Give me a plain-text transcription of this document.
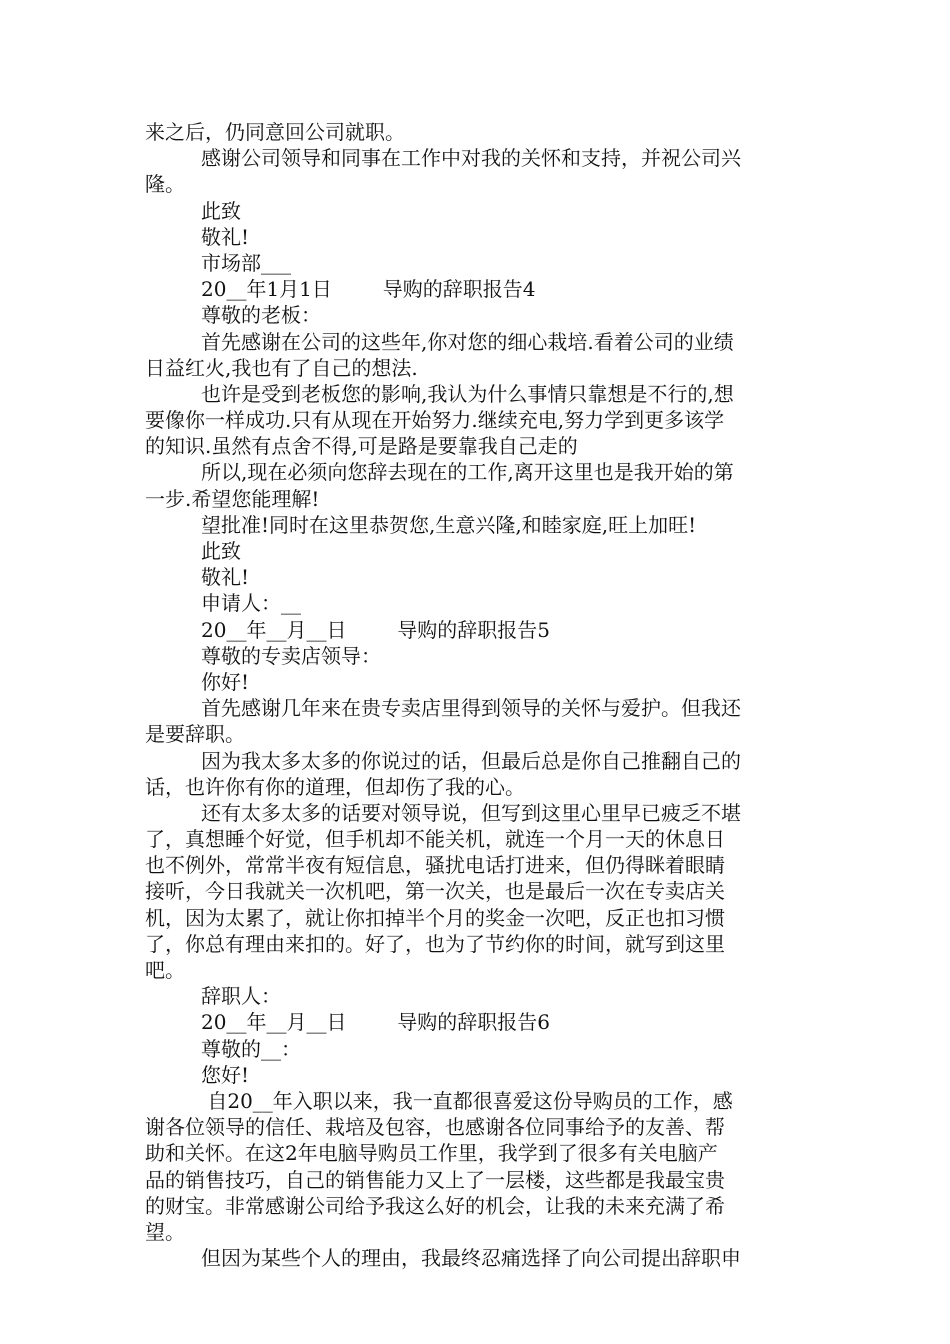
来之后，仍同意回公司就职。
感谢公司领导和同事在工作中对我的关怀和支持，并祝公司兴
隆。
此致
敬礼!
市场部___
20__年1月1日        导购的辞职报告4
尊敬的老板：
首先感谢在公司的这些年,你对您的细心栽培.看着公司的业绩
日益红火,我也有了自己的想法.
也许是受到老板您的影响,我认为什么事情只靠想是不行的,想
要像你一样成功.只有从现在开始努力.继续充电,努力学到更多该学
的知识.虽然有点舍不得,可是路是要靠我自己走的
所以,现在必须向您辞去现在的工作,离开这里也是我开始的第
一步.希望您能理解!
望批准!同时在这里恭贺您,生意兴隆,和睦家庭,旺上加旺!
此致
敬礼!
申请人：__
20__年__月__日        导购的辞职报告5
尊敬的专卖店领导：
你好!
首先感谢几年来在贵专卖店里得到领导的关怀与爱护。但我还
是要辞职。
因为我太多太多的你说过的话，但最后总是你自己推翻自己的
话，也许你有你的道理，但却伤了我的心。
还有太多太多的话要对领导说，但写到这里心里早已疲乏不堪
了，真想睡个好觉，但手机却不能关机，就连一个月一天的休息日
也不例外，常常半夜有短信息，骚扰电话打进来，但仍得眯着眼睛
接听，今日我就关一次机吧，第一次关，也是最后一次在专卖店关
机，因为太累了，就让你扣掉半个月的奖金一次吧，反正也扣习惯
了，你总有理由来扣的。好了，也为了节约你的时间，就写到这里
吧。
辞职人：
20__年__月__日        导购的辞职报告6
尊敬的__：
您好!
自20__年入职以来，我一直都很喜爱这份导购员的工作，感
谢各位领导的信任、栽培及包容，也感谢各位同事给予的友善、帮
助和关怀。在这2年电脑导购员工作里，我学到了很多有关电脑产
品的销售技巧，自己的销售能力又上了一层楼，这些都是我最宝贵
的财宝。非常感谢公司给予我这么好的机会，让我的未来充满了希
望。
但因为某些个人的理由，我最终忍痛选择了向公司提出辞职申
